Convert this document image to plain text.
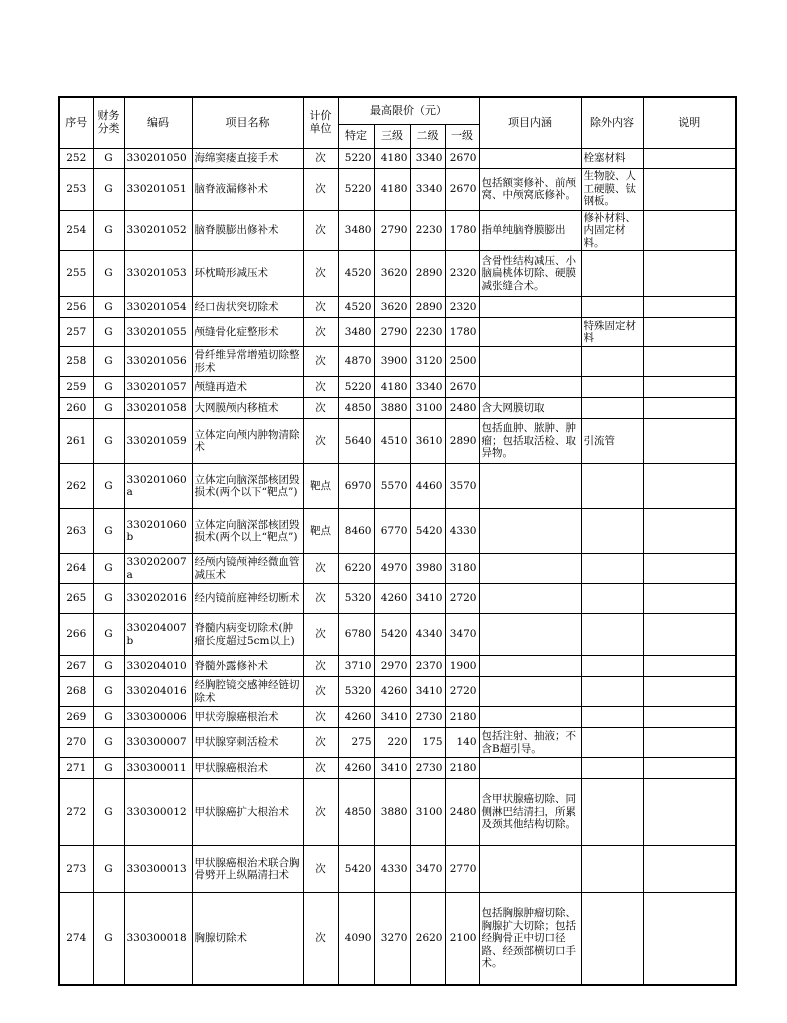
序号	财务分类	编码	项目名称	计价单位	最高限价（元）				项目内涵	除外内容	说明
					特定	三级	二级	一级			
252	G	330201050	海绵窦瘘直接手术	次	5220	4180	3340	2670		栓塞材料	
253	G	330201051	脑脊液漏修补术	次	5220	4180	3340	2670	包括额窦修补、前颅窝、中颅窝底修补。	生物胶、人工硬膜、钛钢板。	
254	G	330201052	脑脊膜膨出修补术	次	3480	2790	2230	1780	指单纯脑脊膜膨出	修补材料、内固定材料。	
255	G	330201053	环枕畸形减压术	次	4520	3620	2890	2320	含骨性结构减压、小脑扁桃体切除、硬膜减张缝合术。		
256	G	330201054	经口齿状突切除术	次	4520	3620	2890	2320			
257	G	330201055	颅缝骨化症整形术	次	3480	2790	2230	1780		特殊固定材料	
258	G	330201056	骨纤维异常增殖切除整形术	次	4870	3900	3120	2500			
259	G	330201057	颅缝再造术	次	5220	4180	3340	2670			
260	G	330201058	大网膜颅内移植术	次	4850	3880	3100	2480	含大网膜切取		
261	G	330201059	立体定向颅内肿物清除术	次	5640	4510	3610	2890	包括血肿、脓肿、肿瘤；包括取活检、取异物。	引流管	
262	G	330201060a	立体定向脑深部核团毁损术(两个以下“靶点”)	靶点	6970	5570	4460	3570			
263	G	330201060b	立体定向脑深部核团毁损术(两个以上“靶点”)	靶点	8460	6770	5420	4330			
264	G	330202007a	经颅内镜颅神经微血管减压术	次	6220	4970	3980	3180			
265	G	330202016	经内镜前庭神经切断术	次	5320	4260	3410	2720			
266	G	330204007b	脊髓内病变切除术(肿瘤长度超过5cm以上)	次	6780	5420	4340	3470			
267	G	330204010	脊髓外露修补术	次	3710	2970	2370	1900			
268	G	330204016	经胸腔镜交感神经链切除术	次	5320	4260	3410	2720			
269	G	330300006	甲状旁腺癌根治术	次	4260	3410	2730	2180			
270	G	330300007	甲状腺穿刺活检术	次	275	220	175	140	包括注射、抽液；不含B超引导。		
271	G	330300011	甲状腺癌根治术	次	4260	3410	2730	2180			
272	G	330300012	甲状腺癌扩大根治术	次	4850	3880	3100	2480	含甲状腺癌切除、同侧淋巴结清扫，所累及颈其他结构切除。		
273	G	330300013	甲状腺癌根治术联合胸骨劈开上纵隔清扫术	次	5420	4330	3470	2770			
274	G	330300018	胸腺切除术	次	4090	3270	2620	2100	包括胸腺肿瘤切除、胸腺扩大切除；包括经胸骨正中切口径路、经颈部横切口手术。		
